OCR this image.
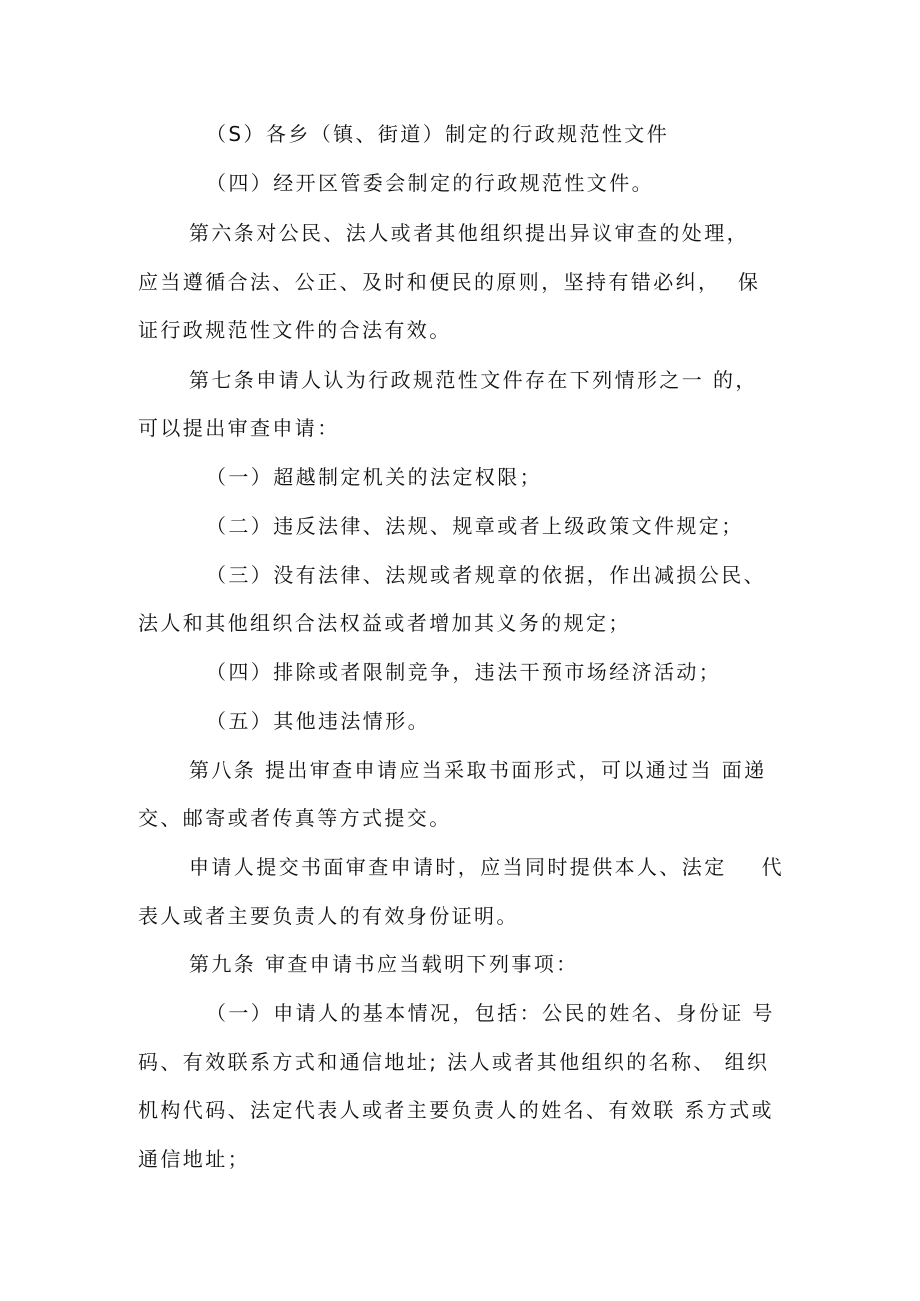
（S）各乡（镇、街道）制定的行政规范性文件
（四）经开区管委会制定的行政规范性文件。
第六条对公民、法人或者其他组织提出异议审查的处理，
应当遵循合法、公正、及时和便民的原则，坚持有错必纠，  保
证行政规范性文件的合法有效。
第七条申请人认为行政规范性文件存在下列情形之一 的，
可以提出审查申请：
（一）超越制定机关的法定权限；
（二）违反法律、法规、规章或者上级政策文件规定；
（三）没有法律、法规或者规章的依据，作出减损公民、
法人和其他组织合法权益或者增加其义务的规定；
（四）排除或者限制竞争，违法干预市场经济活动；
（五）其他违法情形。
第八条 提出审查申请应当采取书面形式，可以通过当 面递
交、邮寄或者传真等方式提交。
申请人提交书面审查申请时，应当同时提供本人、法定    代
表人或者主要负责人的有效身份证明。
第九条 审查申请书应当载明下列事项：
（一）申请人的基本情况，包括：公民的姓名、身份证 号
码、有效联系方式和通信地址; 法人或者其他组织的名称、 组织
机构代码、法定代表人或者主要负责人的姓名、有效联 系方式或
通信地址；
